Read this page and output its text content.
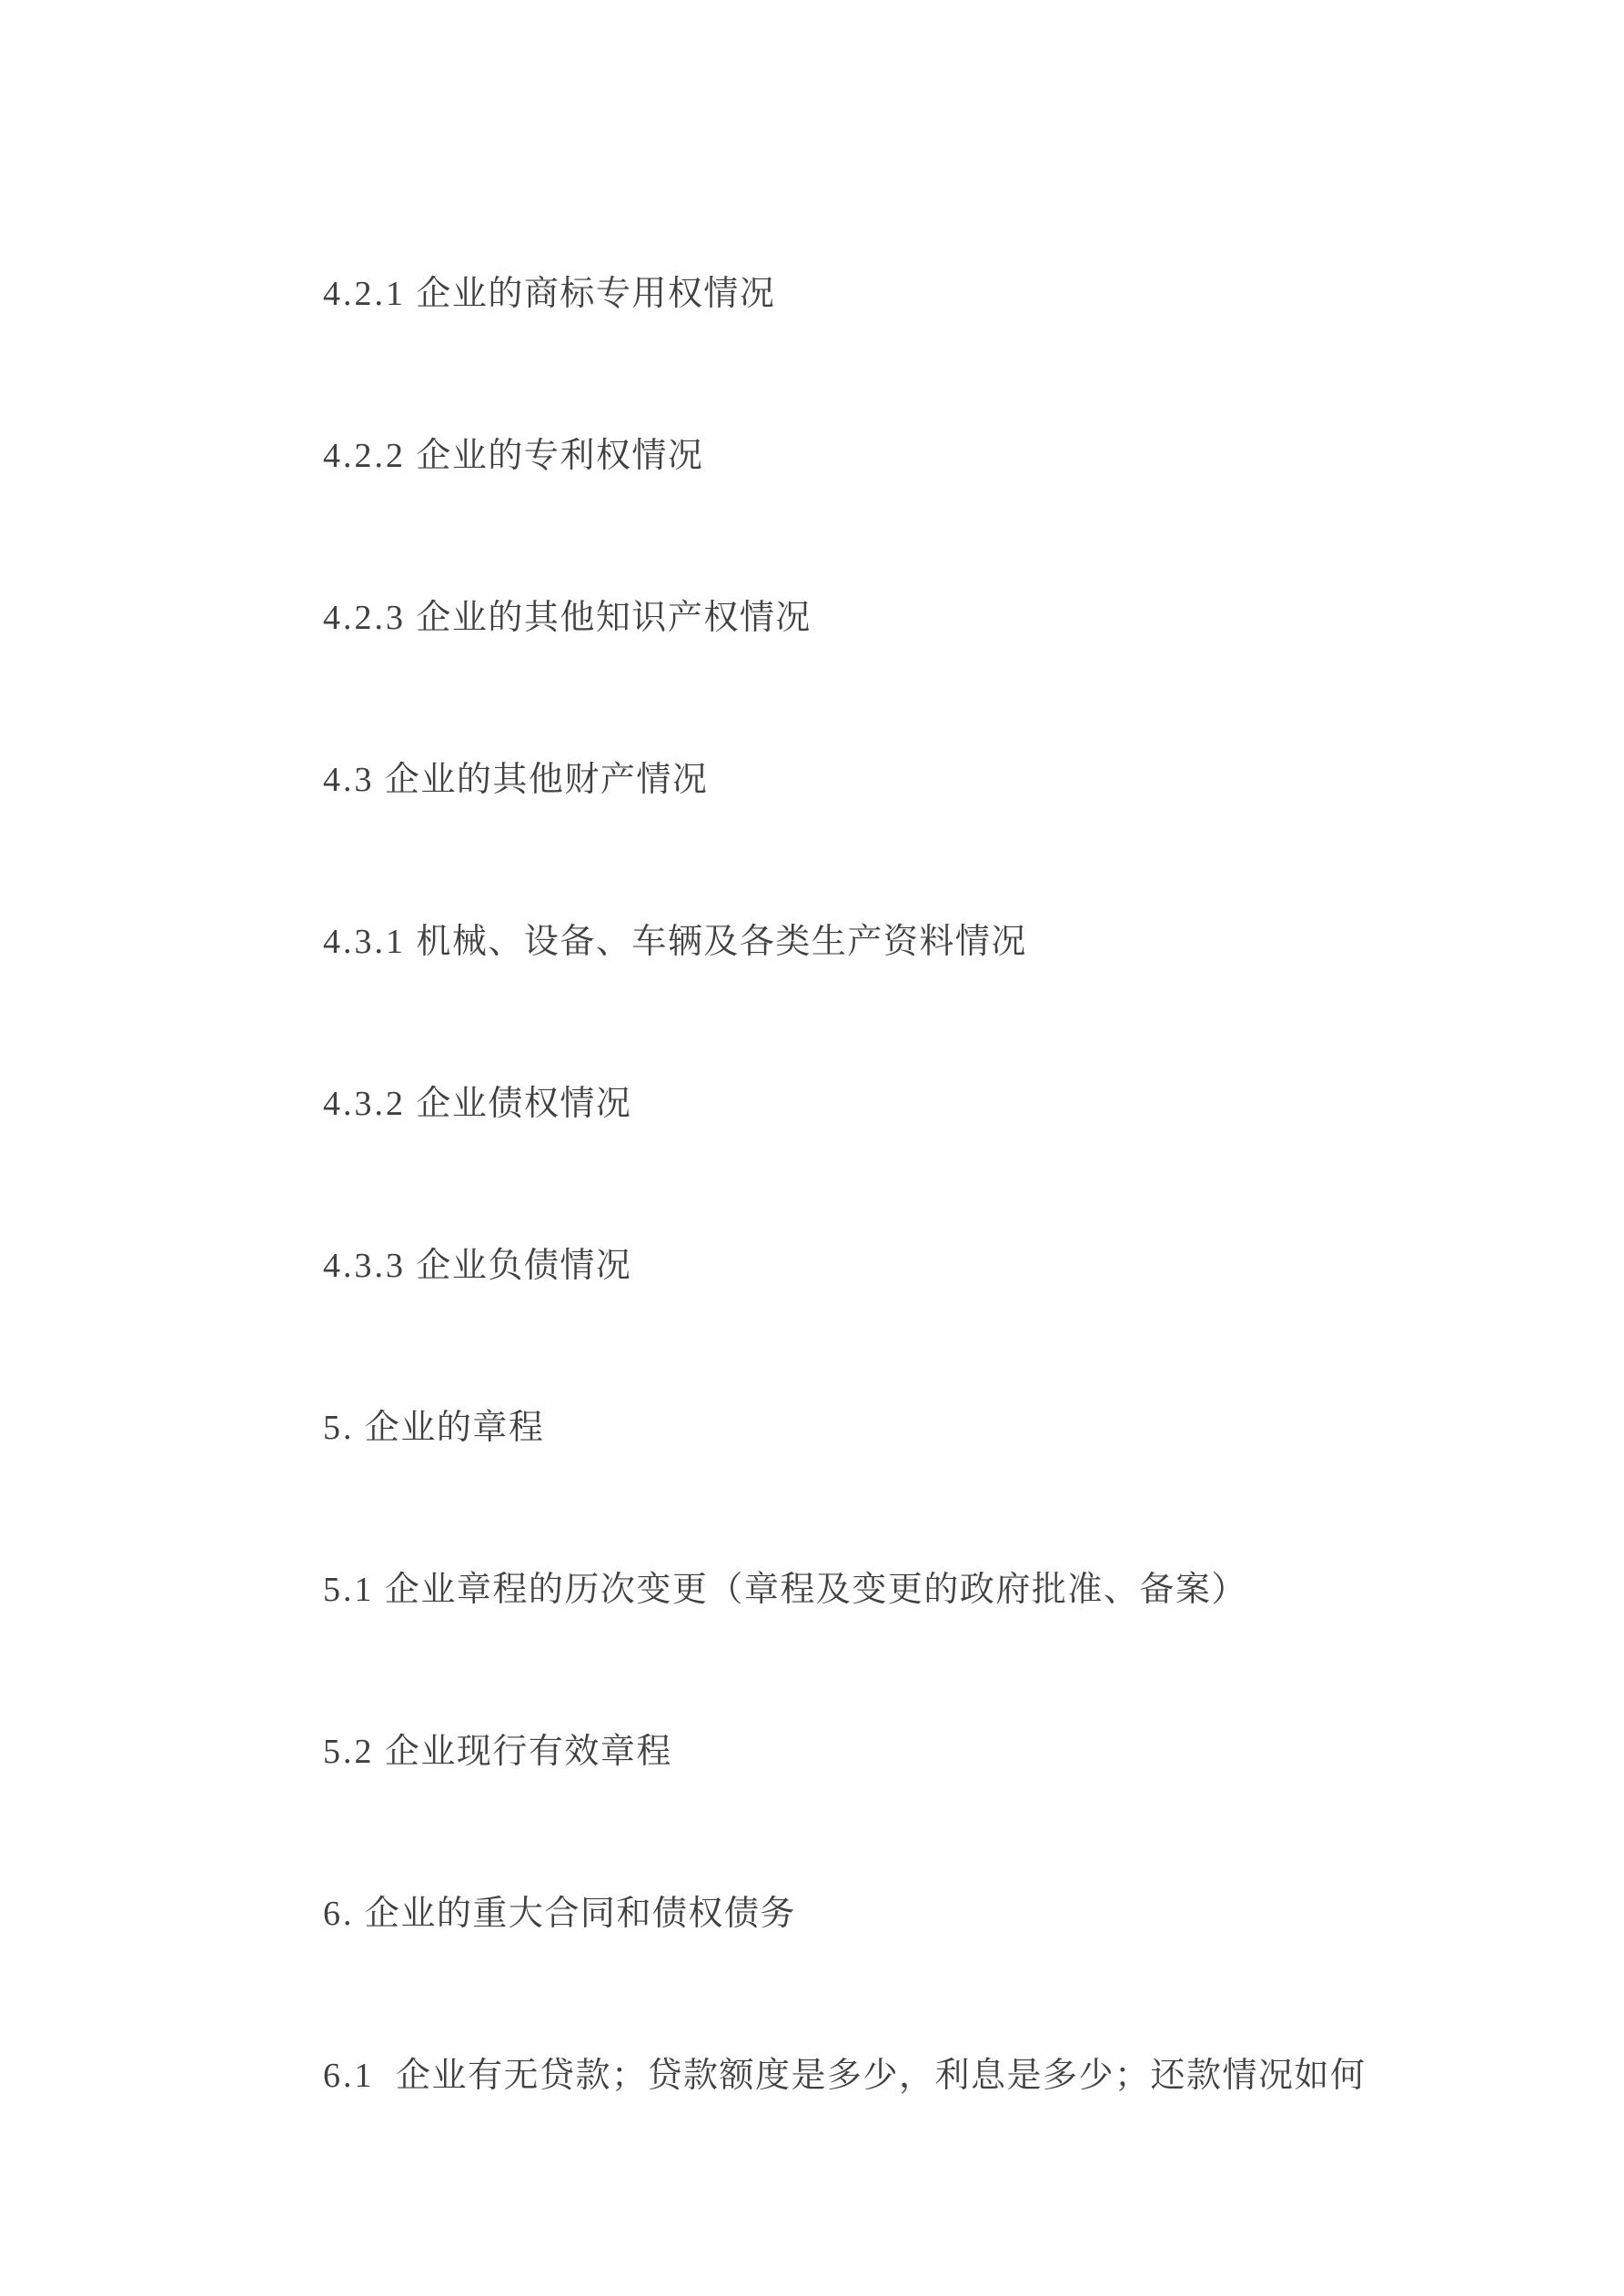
4.2.1 企业的商标专用权情况

4.2.2 企业的专利权情况

4.2.3 企业的其他知识产权情况

4.3 企业的其他财产情况

4.3.1 机械、设备、车辆及各类生产资料情况

4.3.2 企业债权情况

4.3.3 企业负债情况

5. 企业的章程

5.1 企业章程的历次变更（章程及变更的政府批准、备案）

5.2 企业现行有效章程

6. 企业的重大合同和债权债务

6.1 企业有无贷款；贷款额度是多少，利息是多少；还款情况如何
